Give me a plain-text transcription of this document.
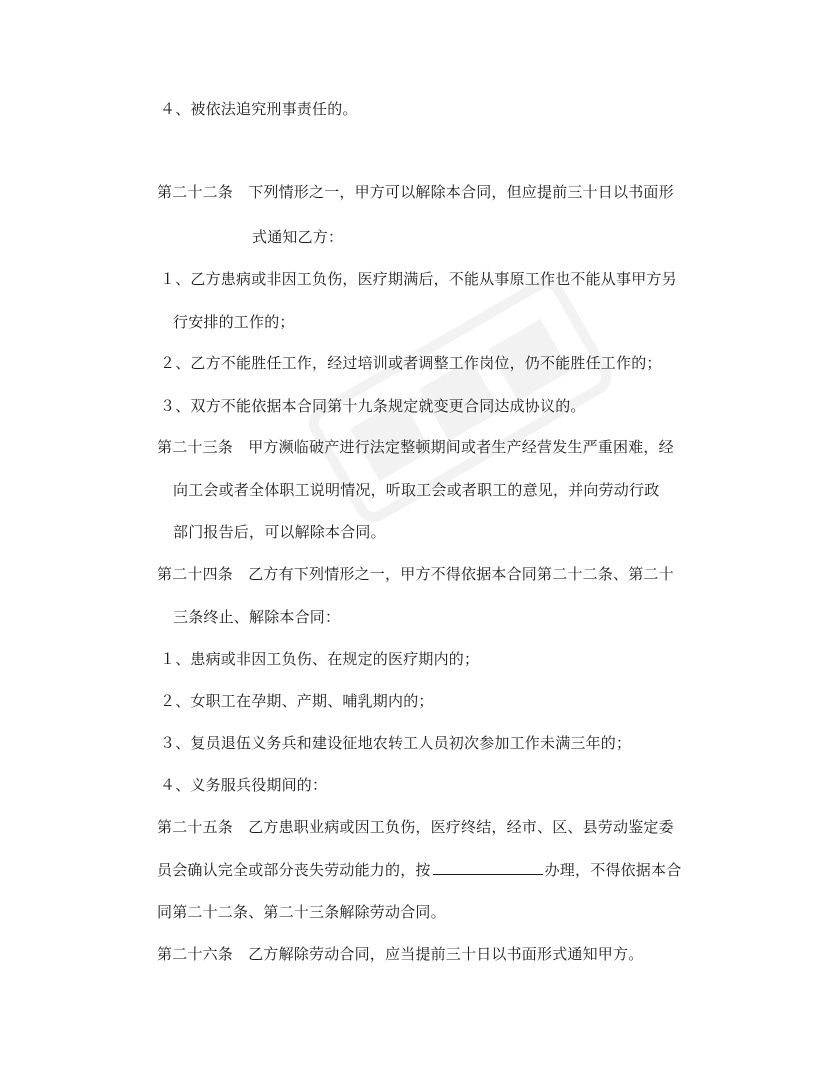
４、被依法追究刑事责任的。
第二十二条　下列情形之一，甲方可以解除本合同，但应提前三十日以书面形
式通知乙方：
１、乙方患病或非因工负伤，医疗期满后，不能从事原工作也不能从事甲方另
行安排的工作的；
２、乙方不能胜任工作，经过培训或者调整工作岗位，仍不能胜任工作的；
３、双方不能依据本合同第十九条规定就变更合同达成协议的。
第二十三条　甲方濒临破产进行法定整顿期间或者生产经营发生严重困难，经
向工会或者全体职工说明情况，听取工会或者职工的意见，并向劳动行政
部门报告后，可以解除本合同。
第二十四条　乙方有下列情形之一，甲方不得依据本合同第二十二条、第二十
三条终止、解除本合同：
１、患病或非因工负伤、在规定的医疗期内的；
２、女职工在孕期、产期、哺乳期内的；
３、复员退伍义务兵和建设征地农转工人员初次参加工作未满三年的；
４、义务服兵役期间的：
第二十五条　乙方患职业病或因工负伤，医疗终结，经市、区、县劳动鉴定委
员会确认完全或部分丧失劳动能力的，按	办理，不得依据本合
同第二十二条、第二十三条解除劳动合同。
第二十六条　乙方解除劳动合同，应当提前三十日以书面形式通知甲方。
